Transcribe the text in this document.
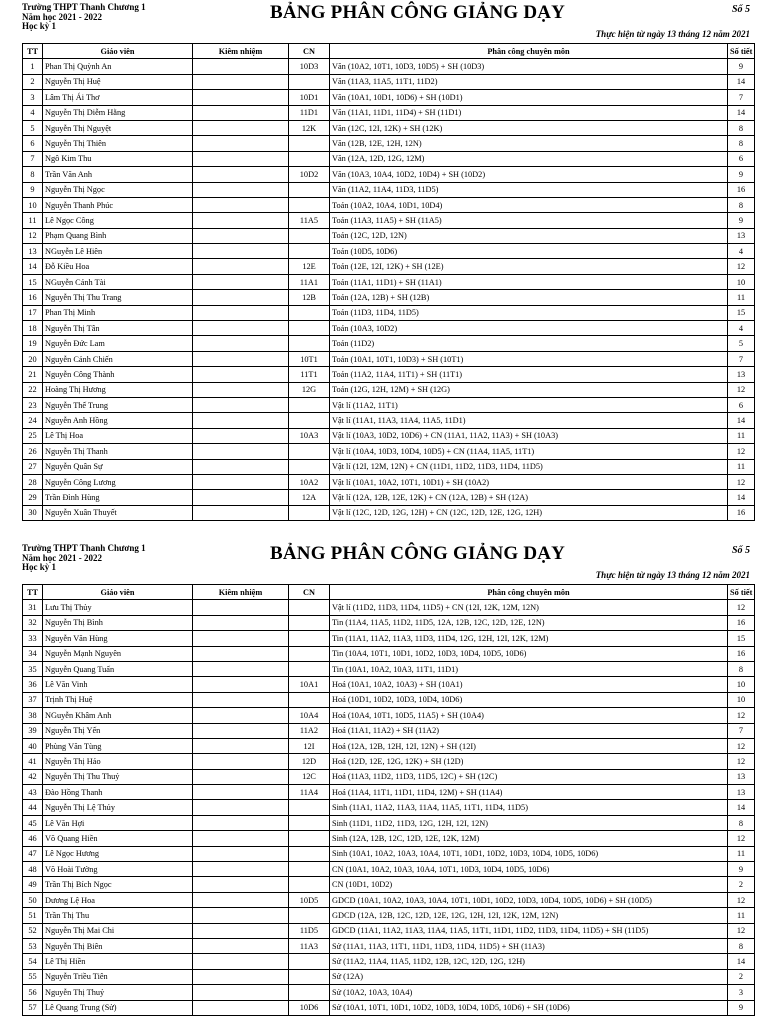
Trường THPT Thanh Chương 1
Năm học 2021 - 2022
Học kỳ 1
BẢNG PHÂN CÔNG GIẢNG DẠY	Số 5
Thực hiện từ ngày 13 tháng 12 năm 2021
TT	Giáo viên	Kiêm nhiệm	CN	Phân công chuyên môn	Số tiết
1	Phan Thị Quỳnh An		10D3	Văn (10A2, 10T1, 10D3, 10D5) + SH (10D3)	9
2	Nguyễn Thị Huệ			Văn (11A3, 11A5, 11T1, 11D2)	14
3	Lâm Thị Ái Thơ		10D1	Văn (10A1, 10D1, 10D6) + SH (10D1)	7
4	Nguyễn Thị Diễm Hằng		11D1	Văn (11A1, 11D1, 11D4) + SH (11D1)	14
5	Nguyễn Thị Nguyệt		12K	Văn (12C, 12I, 12K) + SH (12K)	8
6	Nguyễn Thị Thiên			Văn (12B, 12E, 12H, 12N)	8
7	Ngô Kim Thu			Văn (12A, 12D, 12G, 12M)	6
8	Trần Văn Anh		10D2	Văn (10A3, 10A4, 10D2, 10D4) + SH (10D2)	9
9	Nguyễn Thị Ngọc			Văn (11A2, 11A4, 11D3, 11D5)	16
10	Nguyễn Thanh Phúc			Toán (10A2, 10A4, 10D1, 10D4)	8
11	Lê Ngọc Công		11A5	Toán (11A3, 11A5) + SH (11A5)	9
12	Phạm Quang Bình			Toán (12C, 12D, 12N)	13
13	NGuyễn Lê Hiên			Toán (10D5, 10D6)	4
14	Đỗ Kiều Hoa		12E	Toán (12E, 12I, 12K) + SH (12E)	12
15	NGuyễn Cảnh Tài		11A1	Toán (11A1, 11D1) + SH (11A1)	10
16	Nguyễn Thị Thu Trang		12B	Toán (12A, 12B) + SH (12B)	11
17	Phan Thị Minh			Toán (11D3, 11D4, 11D5)	15
18	Nguyễn Thị Tân			Toán (10A3, 10D2)	4
19	Nguyễn Đức Lam			Toán (11D2)	5
20	Nguyễn Cảnh Chiến		10T1	Toán (10A1, 10T1, 10D3) + SH (10T1)	7
21	Nguyễn Công Thành		11T1	Toán (11A2, 11A4, 11T1) + SH (11T1)	13
22	Hoàng Thị Hương		12G	Toán (12G, 12H, 12M) + SH (12G)	12
23	Nguyễn Thế Trung			Vật lí (11A2, 11T1)	6
24	Nguyễn Anh Hồng			Vật lí (11A1, 11A3, 11A4, 11A5, 11D1)	14
25	Lê Thị Hoa		10A3	Vật lí (10A3, 10D2, 10D6) + CN (11A1, 11A2, 11A3) + SH (10A3)	11
26	Nguyễn Thị Thanh			Vật lí (10A4, 10D3, 10D4, 10D5) + CN (11A4, 11A5, 11T1)	12
27	Nguyễn Quân Sự			Vật lí (12I, 12M, 12N) + CN (11D1, 11D2, 11D3, 11D4, 11D5)	11
28	Nguyễn Công Lương		10A2	Vật lí (10A1, 10A2, 10T1, 10D1) + SH (10A2)	12
29	Trần Đình Hùng		12A	Vật lí (12A, 12B, 12E, 12K) + CN (12A, 12B) + SH (12A)	14
30	Nguyễn Xuân Thuyết			Vật lí (12C, 12D, 12G, 12H) + CN (12C, 12D, 12E, 12G, 12H)	16
Trường THPT Thanh Chương 1
Năm học 2021 - 2022
Học kỳ 1
BẢNG PHÂN CÔNG GIẢNG DẠY	Số 5
Thực hiện từ ngày 13 tháng 12 năm 2021
TT	Giáo viên	Kiêm nhiệm	CN	Phân công chuyên môn	Số tiết
31	Lưu Thị Thủy			Vật lí (11D2, 11D3, 11D4, 11D5) + CN (12I, 12K, 12M, 12N)	12
32	Nguyễn Thị Bình			Tin (11A4, 11A5, 11D2, 11D5, 12A, 12B, 12C, 12D, 12E, 12N)	16
33	Nguyễn Văn Hùng			Tin (11A1, 11A2, 11A3, 11D3, 11D4, 12G, 12H, 12I, 12K, 12M)	15
34	Nguyễn Mạnh Nguyên			Tin (10A4, 10T1, 10D1, 10D2, 10D3, 10D4, 10D5, 10D6)	16
35	Nguyễn Quang Tuấn			Tin (10A1, 10A2, 10A3, 11T1, 11D1)	8
36	Lê Văn Vinh		10A1	Hoá (10A1, 10A2, 10A3) + SH (10A1)	10
37	Trịnh Thị Huệ			Hoá (10D1, 10D2, 10D3, 10D4, 10D6)	10
38	NGuyễn Khâm Anh		10A4	Hoá (10A4, 10T1, 10D5, 11A5) + SH (10A4)	12
39	Nguyễn Thị Yến		11A2	Hoá (11A1, 11A2) + SH (11A2)	7
40	Phùng Văn Tùng		12I	Hoá (12A, 12B, 12H, 12I, 12N) + SH (12I)	12
41	Nguyễn Thị Hảo		12D	Hoá (12D, 12E, 12G, 12K) + SH (12D)	12
42	Nguyễn Thị Thu Thuỷ		12C	Hoá (11A3, 11D2, 11D3, 11D5, 12C) + SH (12C)	13
43	Đào Hồng Thanh		11A4	Hoá (11A4, 11T1, 11D1, 11D4, 12M) + SH (11A4)	13
44	Nguyễn Thị Lệ Thủy			Sinh (11A1, 11A2, 11A3, 11A4, 11A5, 11T1, 11D4, 11D5)	14
45	Lê Văn Hợi			Sinh (11D1, 11D2, 11D3, 12G, 12H, 12I, 12N)	8
46	Võ Quang Hiền			Sinh (12A, 12B, 12C, 12D, 12E, 12K, 12M)	12
47	Lê Ngọc Hương			Sinh (10A1, 10A2, 10A3, 10A4, 10T1, 10D1, 10D2, 10D3, 10D4, 10D5, 10D6)	11
48	Võ Hoài Tường			CN (10A1, 10A2, 10A3, 10A4, 10T1, 10D3, 10D4, 10D5, 10D6)	9
49	Trần Thị Bích Ngọc			CN (10D1, 10D2)	2
50	Dương Lệ Hoa		10D5	GDCD (10A1, 10A2, 10A3, 10A4, 10T1, 10D1, 10D2, 10D3, 10D4, 10D5, 10D6) + SH (10D5)	12
51	Trần Thị Thu			GDCD (12A, 12B, 12C, 12D, 12E, 12G, 12H, 12I, 12K, 12M, 12N)	11
52	Nguyễn Thị Mai Chi		11D5	GDCD (11A1, 11A2, 11A3, 11A4, 11A5, 11T1, 11D1, 11D2, 11D3, 11D4, 11D5) + SH (11D5)	12
53	Nguyễn Thị Biên		11A3	Sử (11A1, 11A3, 11T1, 11D1, 11D3, 11D4, 11D5) + SH (11A3)	8
54	Lê Thị Hiền			Sử (11A2, 11A4, 11A5, 11D2, 12B, 12C, 12D, 12G, 12H)	14
55	Nguyễn Triều Tiên			Sử (12A)	2
56	Nguyễn Thị Thuỷ			Sử (10A2, 10A3, 10A4)	3
57	Lê Quang Trung (Sử)		10D6	Sử (10A1, 10T1, 10D1, 10D2, 10D3, 10D4, 10D5, 10D6) + SH (10D6)	9
